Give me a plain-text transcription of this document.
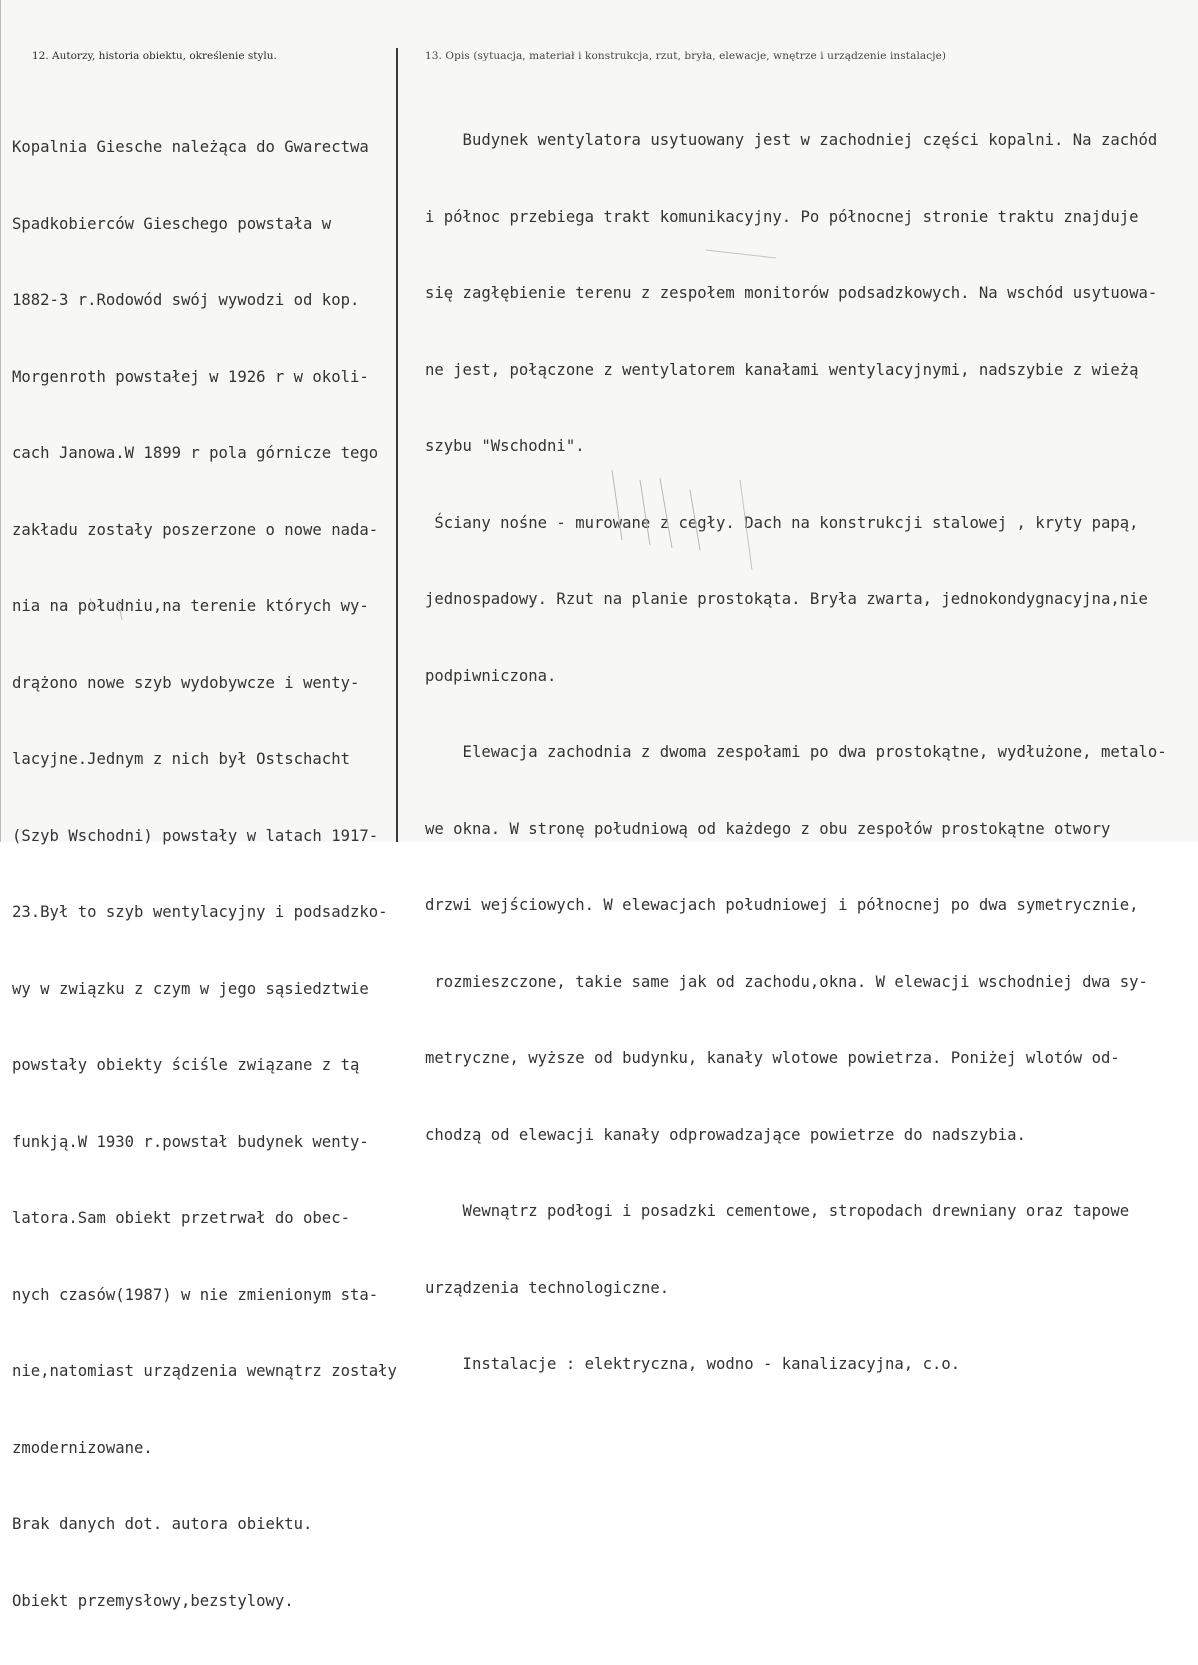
12. Autorzy, historia obiektu, określenie stylu.	13. Opis (sytuacja, materiał i konstrukcja, rzut, bryła, elewacje, wnętrze i urządzenie instalacje)

Kopalnia Giesche należąca do Gwarectwa

Spadkobierców Gieschego powstała w

1882-3 r.Rodowód swój wywodzi od kop.

Morgenroth powstałej w 1926 r w okoli-

cach Janowa.W 1899 r pola górnicze tego

zakładu zostały poszerzone o nowe nada-

nia na południu,na terenie których wy-

drążono nowe szyb wydobywcze i wenty-

lacyjne.Jednym z nich był Ostschacht

(Szyb Wschodni) powstały w latach 1917-

23.Był to szyb wentylacyjny i podsadzko-

wy w związku z czym w jego sąsiedztwie

powstały obiekty ściśle związane z tą

funkją.W 1930 r.powstał budynek wenty-

latora.Sam obiekt przetrwał do obec-

nych czasów(1987) w nie zmienionym sta-

nie,natomiast urządzenia wewnątrz zostały

zmodernizowane.

Brak danych dot. autora obiektu.

Obiekt przemysłowy,bezstylowy.

Budynek wentylatora usytuowany jest w zachodniej części kopalni. Na zachód

i północ przebiega trakt komunikacyjny. Po północnej stronie traktu znajduje

się zagłębienie terenu z zespołem monitorów podsadzkowych. Na wschód usytuowa-

ne jest, połączone z wentylatorem kanałami wentylacyjnymi, nadszybie z wieżą

szybu "Wschodni".

Ściany nośne - murowane z cegły. Dach na konstrukcji stalowej , kryty papą,

jednospadowy. Rzut na planie prostokąta. Bryła zwarta, jednokondygnacyjna,nie

podpiwniczona.

Elewacja zachodnia z dwoma zespołami po dwa prostokątne, wydłużone, metalo-

we okna. W stronę południową od każdego z obu zespołów prostokątne otwory

drzwi wejściowych. W elewacjach południowej i północnej po dwa symetrycznie,

rozmieszczone, takie same jak od zachodu,okna. W elewacji wschodniej dwa sy-

metryczne, wyższe od budynku, kanały wlotowe powietrza. Poniżej wlotów od-

chodzą od elewacji kanały odprowadzające powietrze do nadszybia.

Wewnątrz podłogi i posadzki cementowe, stropodach drewniany oraz tapowe

urządzenia technologiczne.

Instalacje : elektryczna, wodno - kanalizacyjna, c.o.
